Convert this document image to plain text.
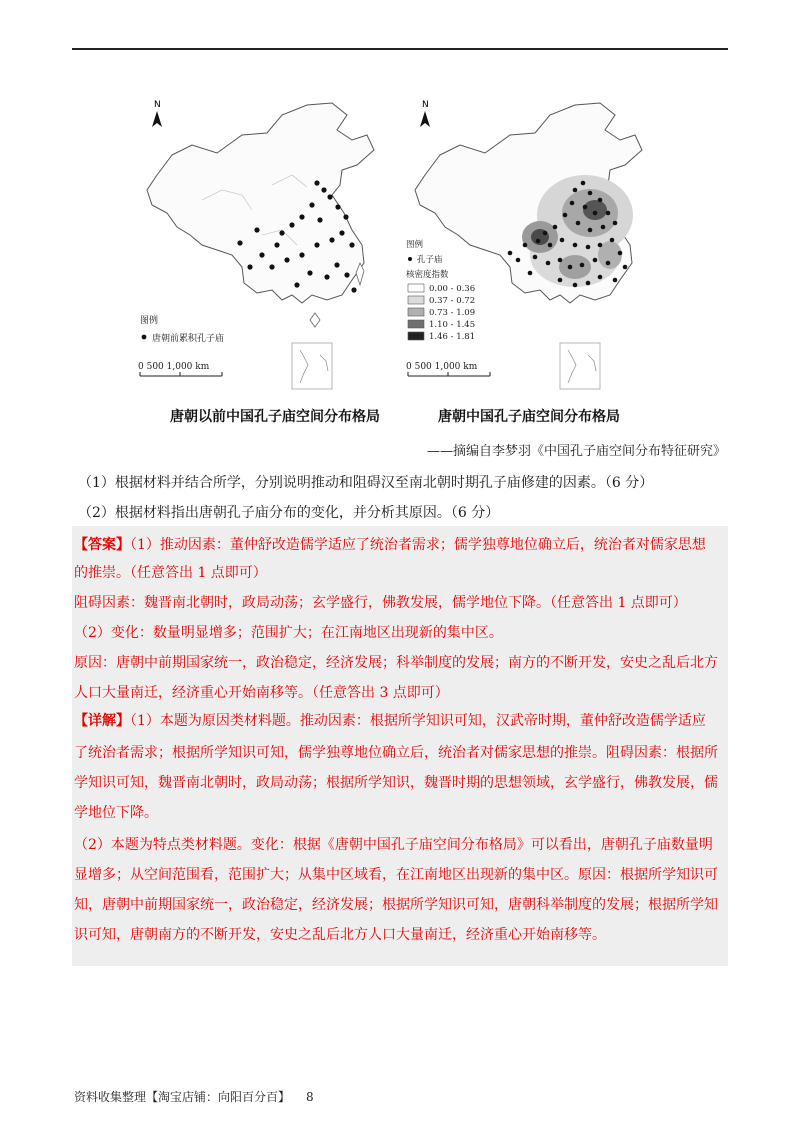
N
图例
唐朝前累积孔子庙
0 500 1,000 km
N
图例
孔子庙
核密度指数
0.00 - 0.36
0.37 - 0.72
0.73 - 1.09
1.10 - 1.45
1.46 - 1.81
0 500 1,000 km
唐朝以前中国孔子庙空间分布格局	唐朝中国孔子庙空间分布格局
——摘编自李梦羽《中国孔子庙空间分布特征研究》
（1）根据材料并结合所学，分别说明推动和阻碍汉至南北朝时期孔子庙修建的因素。（6 分）
（2）根据材料指出唐朝孔子庙分布的变化，并分析其原因。（6 分）
【答案】（1）推动因素：董仲舒改造儒学适应了统治者需求；儒学独尊地位确立后，统治者对儒家思想
的推崇。（任意答出 1 点即可）
阻碍因素：魏晋南北朝时，政局动荡；玄学盛行，佛教发展，儒学地位下降。（任意答出 1 点即可）
（2）变化：数量明显增多；范围扩大；在江南地区出现新的集中区。
原因：唐朝中前期国家统一，政治稳定，经济发展；科举制度的发展；南方的不断开发，安史之乱后北方
人口大量南迁，经济重心开始南移等。（任意答出 3 点即可）
【详解】（1）本题为原因类材料题。推动因素：根据所学知识可知，汉武帝时期，董仲舒改造儒学适应
了统治者需求；根据所学知识可知，儒学独尊地位确立后，统治者对儒家思想的推崇。阻碍因素：根据所
学知识可知，魏晋南北朝时，政局动荡；根据所学知识，魏晋时期的思想领域，玄学盛行，佛教发展，儒
学地位下降。
（2）本题为特点类材料题。变化：根据《唐朝中国孔子庙空间分布格局》可以看出，唐朝孔子庙数量明
显增多；从空间范围看，范围扩大；从集中区域看，在江南地区出现新的集中区。原因：根据所学知识可
知，唐朝中前期国家统一，政治稳定，经济发展；根据所学知识可知，唐朝科举制度的发展；根据所学知
识可知，唐朝南方的不断开发，安史之乱后北方人口大量南迁，经济重心开始南移等。
资料收集整理【淘宝店铺：向阳百分百】 8
